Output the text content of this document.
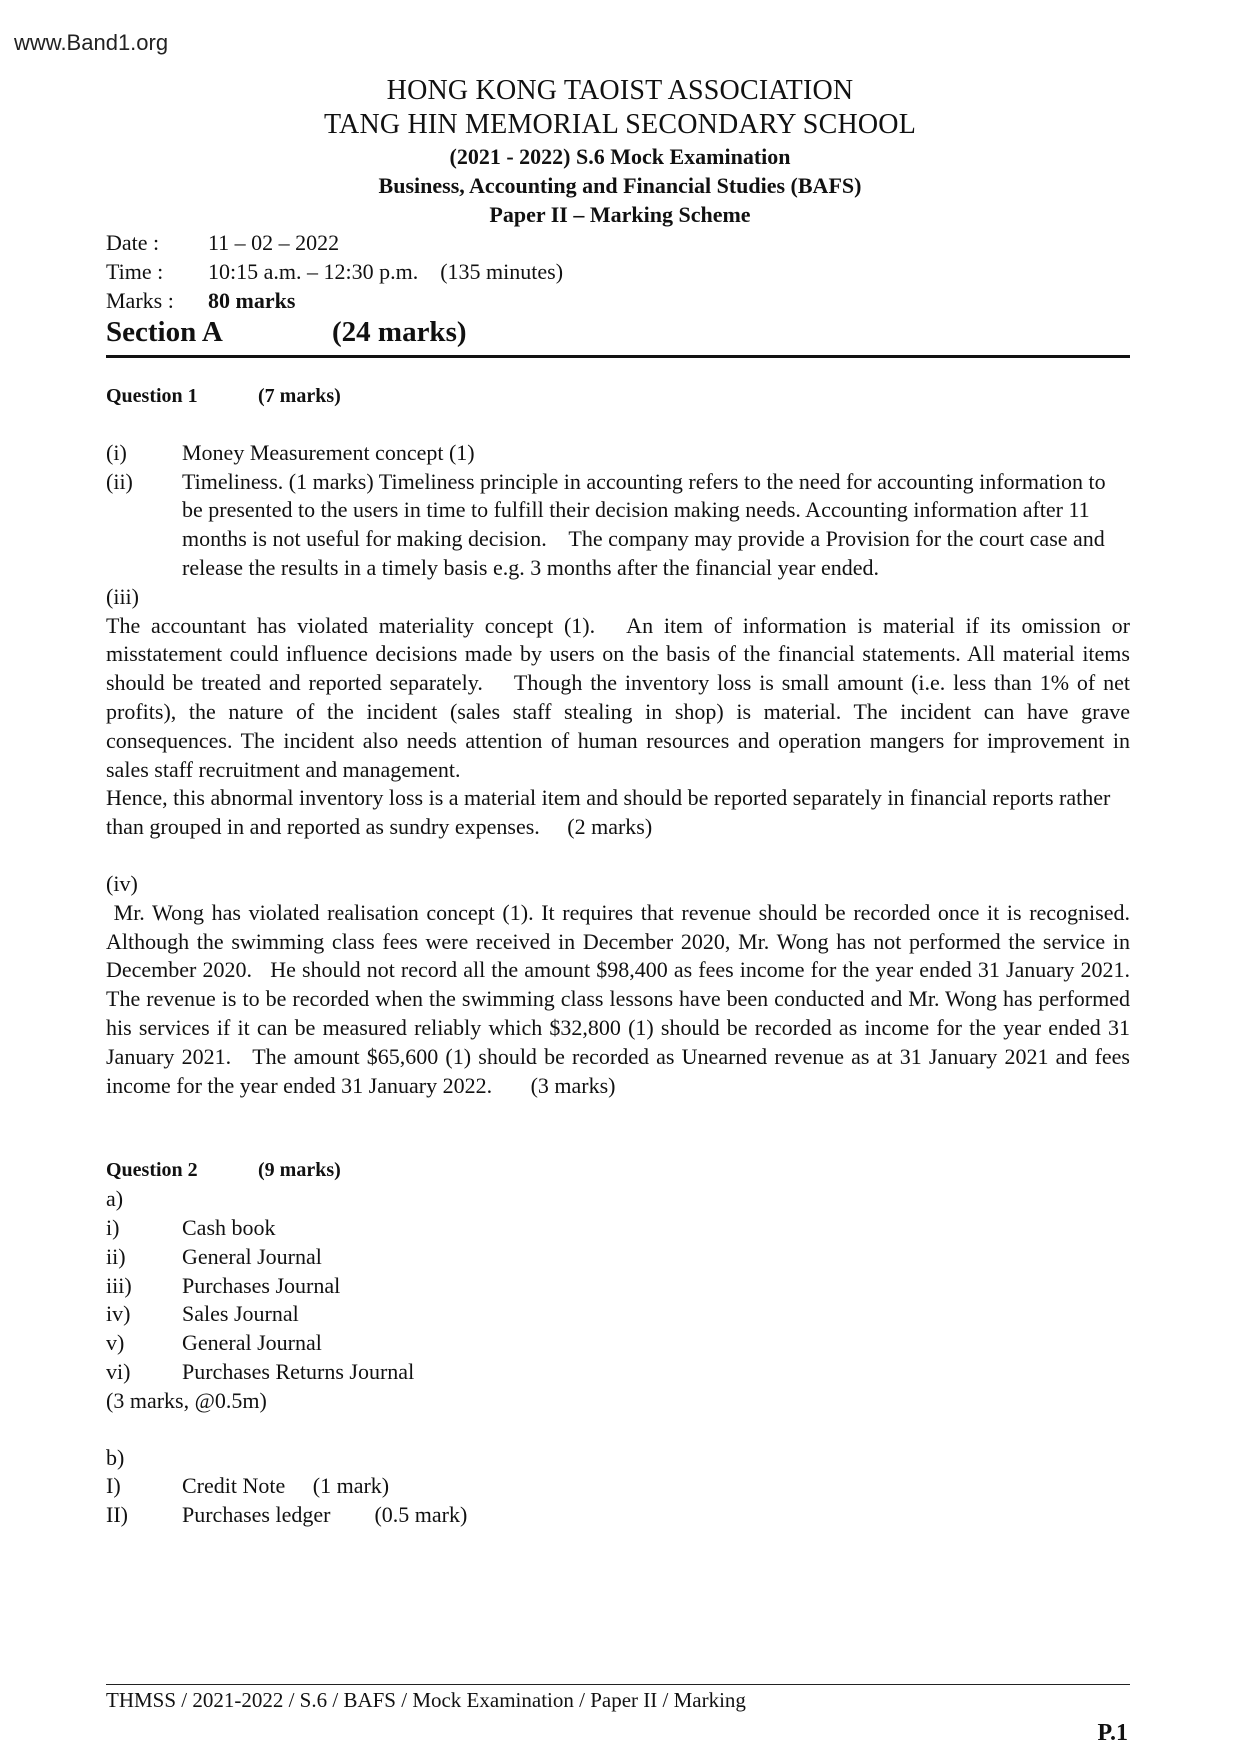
www.Band1.org
HONG KONG TAOIST ASSOCIATION
TANG HIN MEMORIAL SECONDARY SCHOOL
(2021 - 2022) S.6 Mock Examination
Business, Accounting and Financial Studies (BAFS)
Paper II – Marking Scheme
Date :	11 – 02 – 2022
Time :	10:15 a.m. – 12:30 p.m.    (135 minutes)
Marks :	80 marks
Section A	(24 marks)
Question 1	(7 marks)
(i)	Money Measurement concept (1)
(ii)	Timeliness. (1 marks) Timeliness principle in accounting refers to the need for accounting information to be presented to the users in time to fulfill their decision making needs. Accounting information after 11 months is not useful for making decision.    The company may provide a Provision for the court case and release the results in a timely basis e.g. 3 months after the financial year ended.
(iii)
The accountant has violated materiality concept (1).   An item of information is material if its omission or misstatement could influence decisions made by users on the basis of the financial statements. All material items should be treated and reported separately.    Though the inventory loss is small amount (i.e. less than 1% of net profits), the nature of the incident (sales staff stealing in shop) is material. The incident can have grave consequences. The incident also needs attention of human resources and operation mangers for improvement in sales staff recruitment and management.
Hence, this abnormal inventory loss is a material item and should be reported separately in financial reports rather than grouped in and reported as sundry expenses.     (2 marks)
(iv)
Mr. Wong has violated realisation concept (1). It requires that revenue should be recorded once it is recognised.   Although the swimming class fees were received in December 2020, Mr. Wong has not performed the service in December 2020.   He should not record all the amount $98,400 as fees income for the year ended 31 January 2021.   The revenue is to be recorded when the swimming class lessons have been conducted and Mr. Wong has performed his services if it can be measured reliably which $32,800 (1) should be recorded as income for the year ended 31 January 2021.   The amount $65,600 (1) should be recorded as Unearned revenue as at 31 January 2021 and fees income for the year ended 31 January 2022.       (3 marks)
Question 2	(9 marks)
a)
i)	Cash book
ii)	General Journal
iii)	Purchases Journal
iv)	Sales Journal
v)	General Journal
vi)	Purchases Returns Journal
(3 marks, @0.5m)
b)
I)	Credit Note     (1 mark)
II)	Purchases ledger        (0.5 mark)
THMSS / 2021-2022 / S.6 / BAFS / Mock Examination / Paper II / Marking
P.1
